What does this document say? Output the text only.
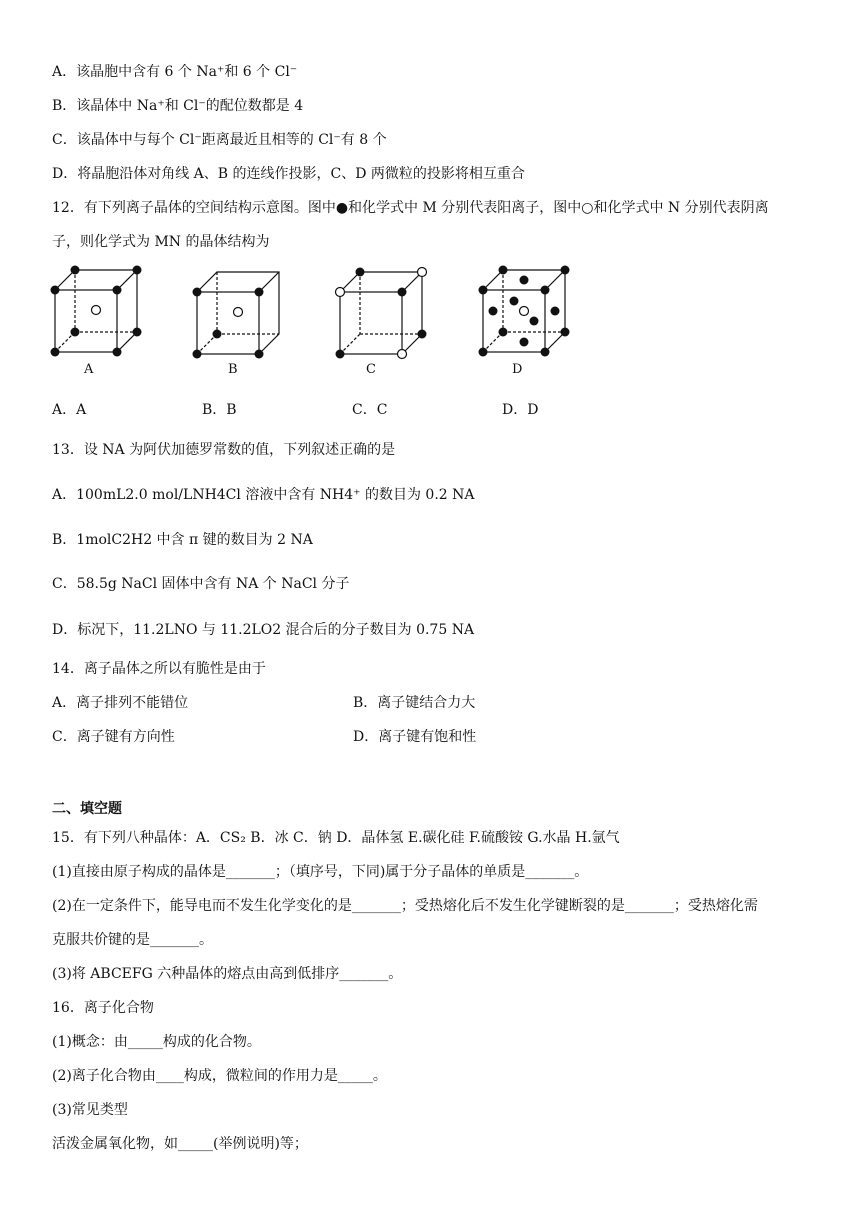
A．该晶胞中含有 6 个 Na⁺和 6 个 Cl⁻
B．该晶体中 Na⁺和 Cl⁻的配位数都是 4
C．该晶体中与每个 Cl⁻距离最近且相等的 Cl⁻有 8 个
D．将晶胞沿体对角线 A、B 的连线作投影，C、D 两微粒的投影将相互重合
12．有下列离子晶体的空间结构示意图。图中●和化学式中 M 分别代表阳离子，图中○和化学式中 N 分别代表阴离
子，则化学式为 MN 的晶体结构为
A	B	C	D
A．A	B．B	C．C	D．D
13．设 NA 为阿伏加德罗常数的值，下列叙述正确的是
A．100mL2.0 mol/LNH4Cl 溶液中含有 NH4⁺ 的数目为 0.2 NA
B．1molC2H2 中含 π 键的数目为 2 NA
C．58.5g NaCl 固体中含有 NA 个 NaCl 分子
D．标况下，11.2LNO 与 11.2LO2 混合后的分子数目为 0.75 NA
14．离子晶体之所以有脆性是由于
A．离子排列不能错位	B．离子键结合力大
C．离子键有方向性	D．离子键有饱和性
二、填空题
15．有下列八种晶体：A．CS₂ B．冰 C．钠 D．晶体氢 E.碳化硅 F.硫酸铵 G.水晶 H.氩气
(1)直接由原子构成的晶体是_______；（填序号，下同)属于分子晶体的单质是_______。
(2)在一定条件下，能导电而不发生化学变化的是_______；受热熔化后不发生化学键断裂的是_______；受热熔化需
克服共价键的是_______。
(3)将 ABCEFG 六种晶体的熔点由高到低排序_______。
16．离子化合物
(1)概念：由_____构成的化合物。
(2)离子化合物由____构成，微粒间的作用力是_____。
(3)常见类型
活泼金属氧化物，如_____(举例说明)等；
